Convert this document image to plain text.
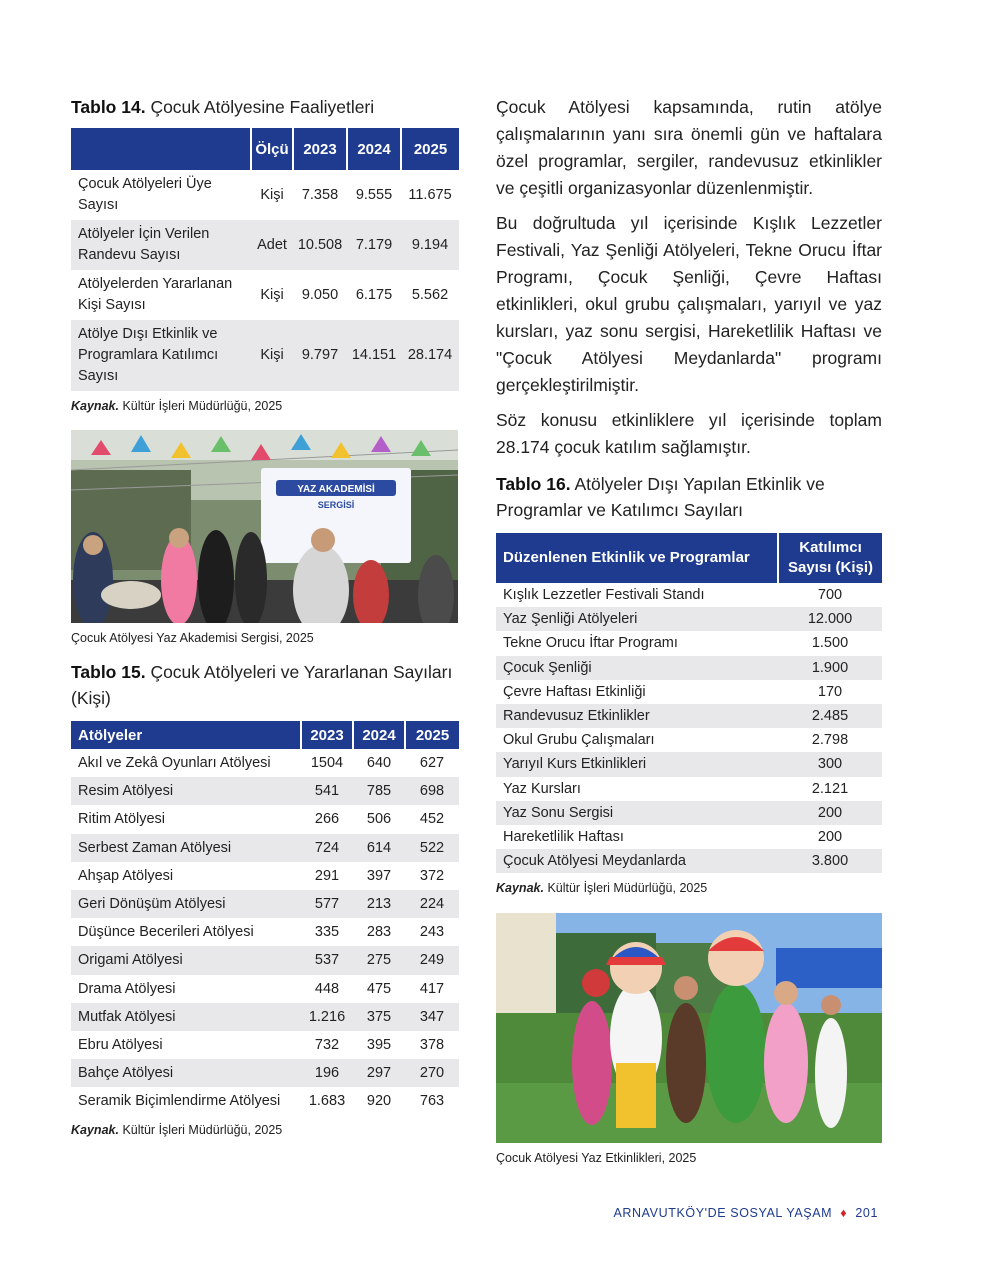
Tablo 14. Çocuk Atölyesine Faaliyetleri
	Ölçü	2023	2024	2025
Çocuk Atölyeleri Üye Sayısı	Kişi	7.358	9.555	11.675
Atölyeler İçin Verilen Randevu Sayısı	Adet	10.508	7.179	9.194
Atölyelerden Yararlanan Kişi Sayısı	Kişi	9.050	6.175	5.562
Atölye Dışı Etkinlik ve Programlara Katılımcı Sayısı	Kişi	9.797	14.151	28.174
Kaynak. Kültür İşleri Müdürlüğü, 2025
YAZ AKADEMİSİ
SERGİSİ
Çocuk Atölyesi Yaz Akademisi Sergisi, 2025
Tablo 15. Çocuk Atölyeleri ve Yararlanan Sayıları (Kişi)
Atölyeler	2023	2024	2025
Akıl ve Zekâ Oyunları Atölyesi	1504	640	627
Resim Atölyesi	541	785	698
Ritim Atölyesi	266	506	452
Serbest Zaman Atölyesi	724	614	522
Ahşap Atölyesi	291	397	372
Geri Dönüşüm Atölyesi	577	213	224
Düşünce Becerileri Atölyesi	335	283	243
Origami Atölyesi	537	275	249
Drama Atölyesi	448	475	417
Mutfak Atölyesi	1.216	375	347
Ebru Atölyesi	732	395	378
Bahçe Atölyesi	196	297	270
Seramik Biçimlendirme Atölyesi	1.683	920	763
Kaynak. Kültür İşleri Müdürlüğü, 2025

Çocuk Atölyesi kapsamında, rutin atölye çalışmalarının yanı sıra önemli gün ve haftalara özel programlar, sergiler, randevusuz etkinlikler ve çeşitli organizasyonlar düzenlenmiştir.

Bu doğrultuda yıl içerisinde Kışlık Lezzetler Festivali, Yaz Şenliği Atölyeleri, Tekne Orucu İftar Programı, Çocuk Şenliği, Çevre Haftası etkinlikleri, okul grubu çalışmaları, yarıyıl ve yaz kursları, yaz sonu sergisi, Hareketlilik Haftası ve "Çocuk Atölyesi Meydanlarda" programı gerçekleştirilmiştir.

Söz konusu etkinliklere yıl içerisinde toplam 28.174 çocuk katılım sağlamıştır.

Tablo 16. Atölyeler Dışı Yapılan Etkinlik ve Programlar ve Katılımcı Sayıları
Düzenlenen Etkinlik ve Programlar	Katılımcı Sayısı (Kişi)
Kışlık Lezzetler Festivali Standı	700
Yaz Şenliği Atölyeleri	12.000
Tekne Orucu İftar Programı	1.500
Çocuk Şenliği	1.900
Çevre Haftası Etkinliği	170
Randevusuz Etkinlikler	2.485
Okul Grubu Çalışmaları	2.798
Yarıyıl Kurs Etkinlikleri	300
Yaz Kursları	2.121
Yaz Sonu Sergisi	200
Hareketlilik Haftası	200
Çocuk Atölyesi Meydanlarda	3.800
Kaynak. Kültür İşleri Müdürlüğü, 2025
Çocuk Atölyesi Yaz Etkinlikleri, 2025
ARNAVUTKÖY'DE SOSYAL YAŞAM ♦ 201
